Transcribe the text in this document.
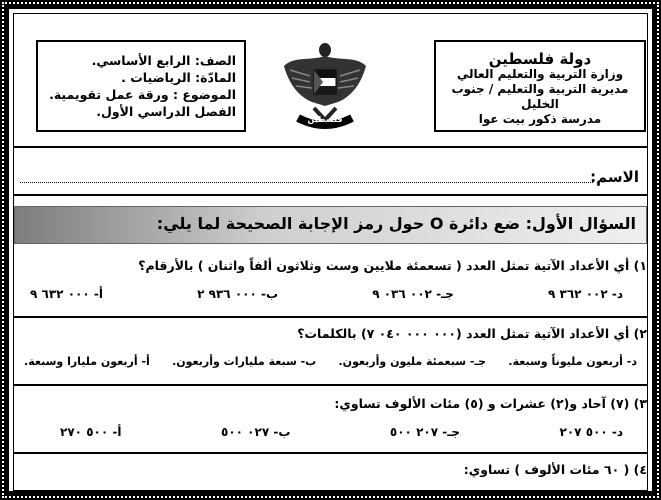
دولة فلسطين
وزارة التربية والتعليم العالي
مديرية التربية والتعليم / جنوب الخليل
مدرسة ذكور بيت عوا
فلسطين
الصف: الرابع الأساسي.
المادّة: الرياضيات .
الموضوع : ورقة عمل تقويمية.
الفصل الدراسي الأول.
الاسم:
السؤال الأول: ضع دائرة O حول رمز الإجابة الصحيحة لما يلي:
١) أي الأعداد الآتية تمثل العدد ( تسعمئة ملايين وست وثلاثون ألفاً واثنان ) بالأرقام؟
أ- ٠٠٠ ٦٣٢ ٩	ب- ٠٠٠ ٩٣٦ ٢	جـ- ٠٠٢ ٠٣٦ ٩	د- ٠٠٢ ٣٦٢ ٩
٢) أي الأعداد الآتية تمثل العدد (٠٠٠ ٠٠٠ ٠٤٠ ٧) بالكلمات؟
أ- أربعون مليارا وسبعة. ب- سبعة مليارات وأربعون. جـ- سبعمئة مليون وأربعون. د- أربعون مليوناً وسبعة.
٣) (٧) آحاد و(٢) عشرات و (٥) مئات الألوف تساوي:
أ- ٥٠٠ ٢٧٠	ب- ٠٢٧ ٥٠٠	جـ- ٢٠٧ ٥٠٠	د- ٥٠٠ ٢٠٧
٤) ( ٦٠ مئات الألوف ) تساوي:
